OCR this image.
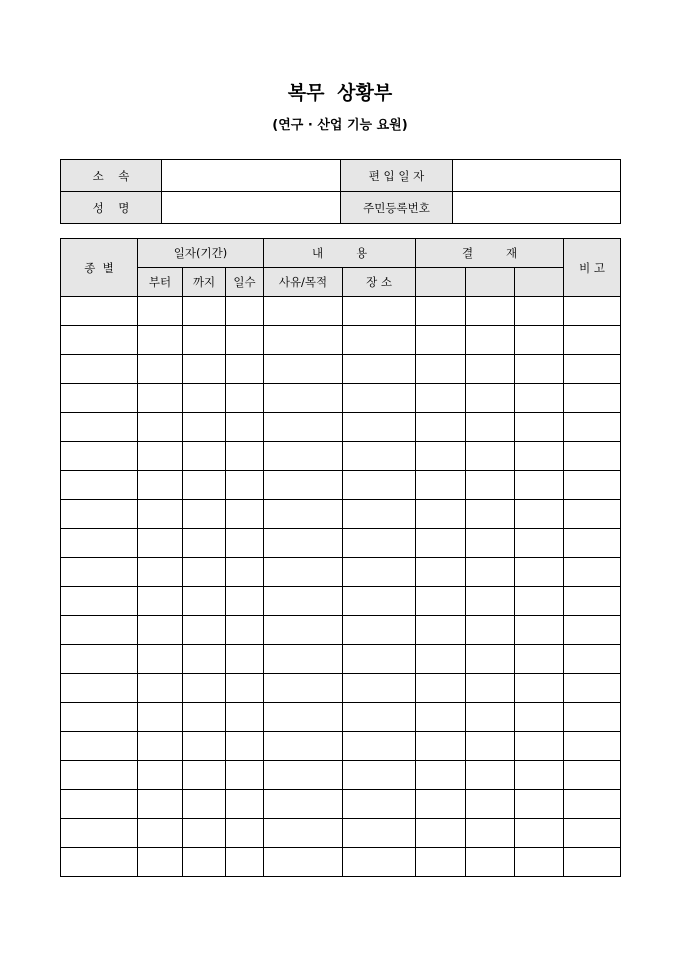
복무 상황부
(연구 · 산업 기능 요원)
소    속		편 입 일 자	
성    명		주민등록번호	
종  별	일자(기간)			내         용		결         재			비 고
	부터	까지	일수	사유/목적	장 소				
